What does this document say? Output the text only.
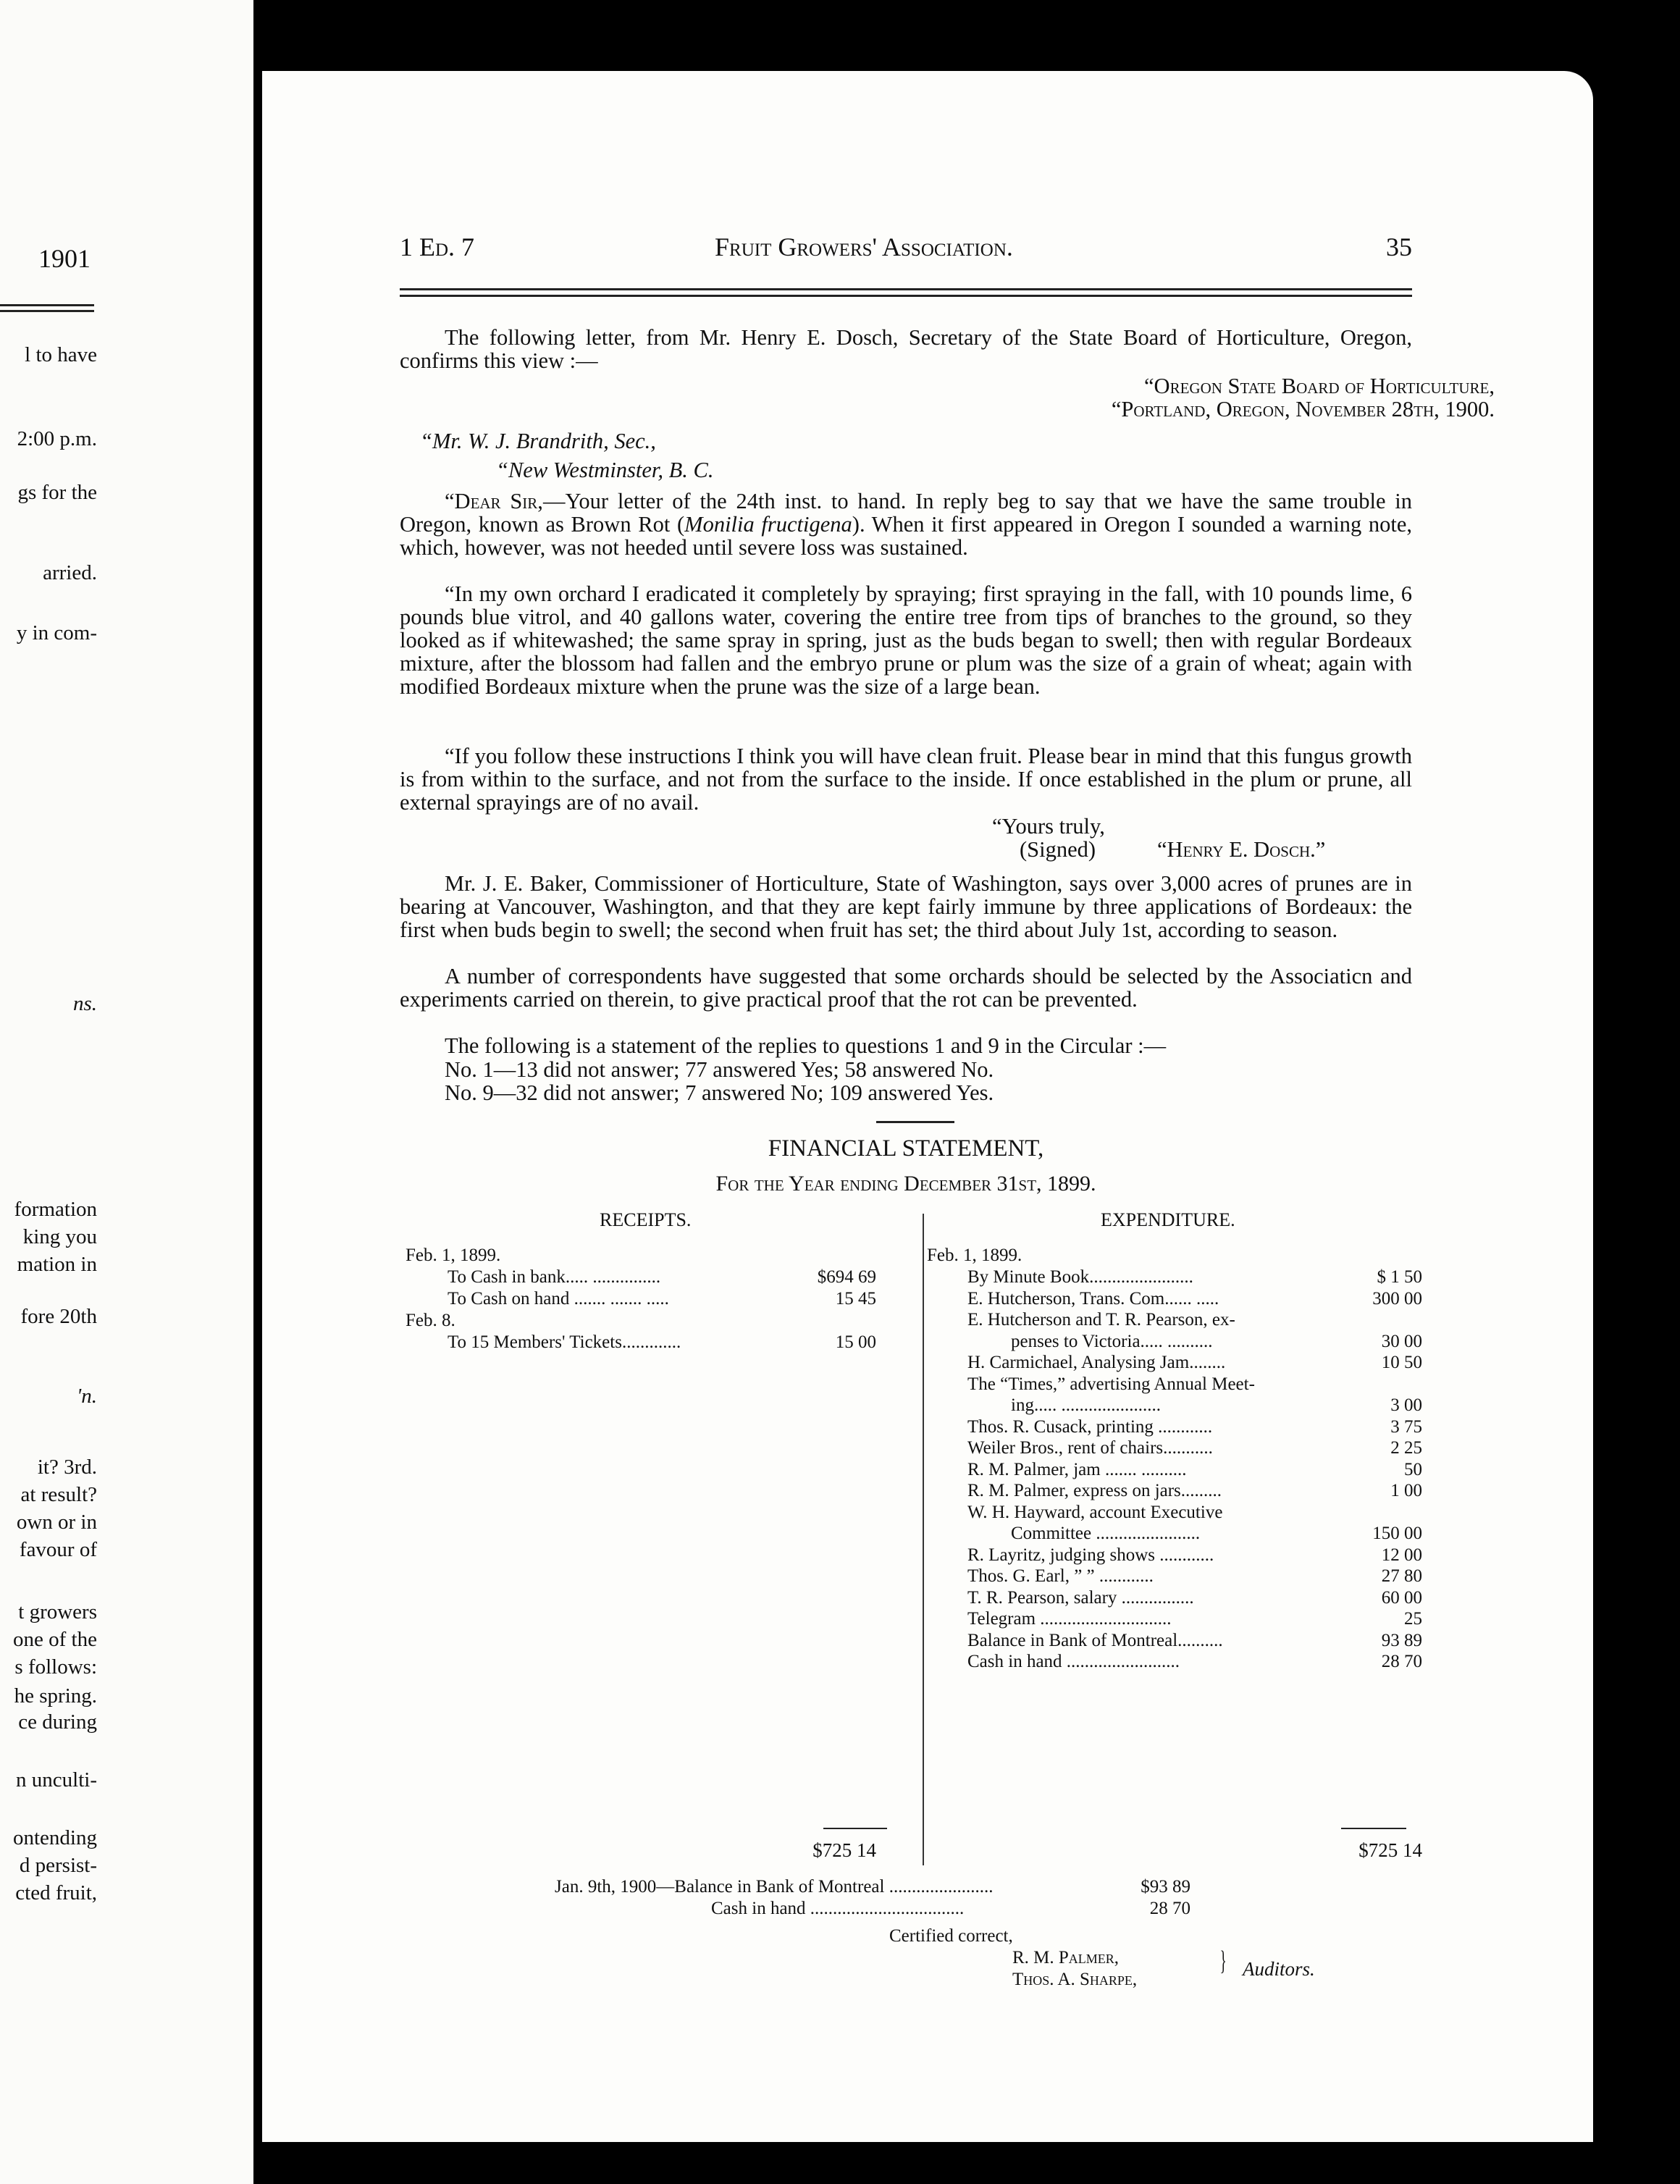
1901
l to have
2:00 p.m.
gs for the
arried.
y in com-
ns.
formation
king you
mation in
fore 20th
'n.
it? 3rd.
at result?
own or in
favour of
t growers
one of the
s follows:
he spring.
ce during
n unculti-
ontending
d persist-
cted fruit,
1 Ed. 7	Fruit Growers' Association.	35

The following letter, from Mr. Henry E. Dosch, Secretary of the State Board of Horticulture, Oregon, confirms this view :—

“Oregon State Board of Horticulture,
“Portland, Oregon, November 28th, 1900.
“Mr. W. J. Brandrith, Sec.,
“New Westminster, B. C.

“Dear Sir,—Your letter of the 24th inst. to hand. In reply beg to say that we have the same trouble in Oregon, known as Brown Rot (Monilia fructigena). When it first appeared in Oregon I sounded a warning note, which, however, was not heeded until severe loss was sustained.

“In my own orchard I eradicated it completely by spraying; first spraying in the fall, with 10 pounds lime, 6 pounds blue vitrol, and 40 gallons water, covering the entire tree from tips of branches to the ground, so they looked as if whitewashed; the same spray in spring, just as the buds began to swell; then with regular Bordeaux mixture, after the blossom had fallen and the embryo prune or plum was the size of a grain of wheat; again with modified Bordeaux mixture when the prune was the size of a large bean.

“If you follow these instructions I think you will have clean fruit. Please bear in mind that this fungus growth is from within to the surface, and not from the surface to the inside. If once established in the plum or prune, all external sprayings are of no avail.

“Yours truly,
(Signed)	“Henry E. Dosch.”

Mr. J. E. Baker, Commissioner of Horticulture, State of Washington, says over 3,000 acres of prunes are in bearing at Vancouver, Washington, and that they are kept fairly immune by three applications of Bordeaux: the first when buds begin to swell; the second when fruit has set; the third about July 1st, according to season.

A number of correspondents have suggested that some orchards should be selected by the Associaticn and experiments carried on therein, to give practical proof that the rot can be prevented.

The following is a statement of the replies to questions 1 and 9 in the Circular :—

No. 1—13 did not answer; 77 answered Yes; 58 answered No.
No. 9—32 did not answer; 7 answered No; 109 answered Yes.
FINANCIAL STATEMENT,
For the Year ending December 31st, 1899.
RECEIPTS.	EXPENDITURE.
Feb. 1, 1899.
To Cash in bank..... ...............	$694 69
To Cash on hand ....... ....... .....	15 45
Feb. 8.
To 15 Members' Tickets.............	15 00
$725 14
Feb. 1, 1899.
By Minute Book.......................	$ 1 50
E. Hutcherson, Trans. Com...... .....	300 00
E. Hutcherson and T. R. Pearson, ex-
penses to Victoria..... ..........	30 00
H. Carmichael, Analysing Jam........	10 50
The “Times,” advertising Annual Meet-
ing..... ......................	3 00
Thos. R. Cusack, printing ............	3 75
Weiler Bros., rent of chairs...........	2 25
R. M. Palmer, jam ....... ..........	50
R. M. Palmer, express on jars.........	1 00
W. H. Hayward, account Executive
Committee .......................	150 00
R. Layritz, judging shows ............	12 00
Thos. G. Earl, ” ” ............	27 80
T. R. Pearson, salary ................	60 00
Telegram .............................	25
Balance in Bank of Montreal..........	93 89
Cash in hand .........................	28 70
$725 14
Jan. 9th, 1900—Balance in Bank of Montreal .......................	$93 89
Cash in hand ..................................	28 70
Certified correct,
R. M. Palmer,
Thos. A. Sharpe,
} Auditors.
